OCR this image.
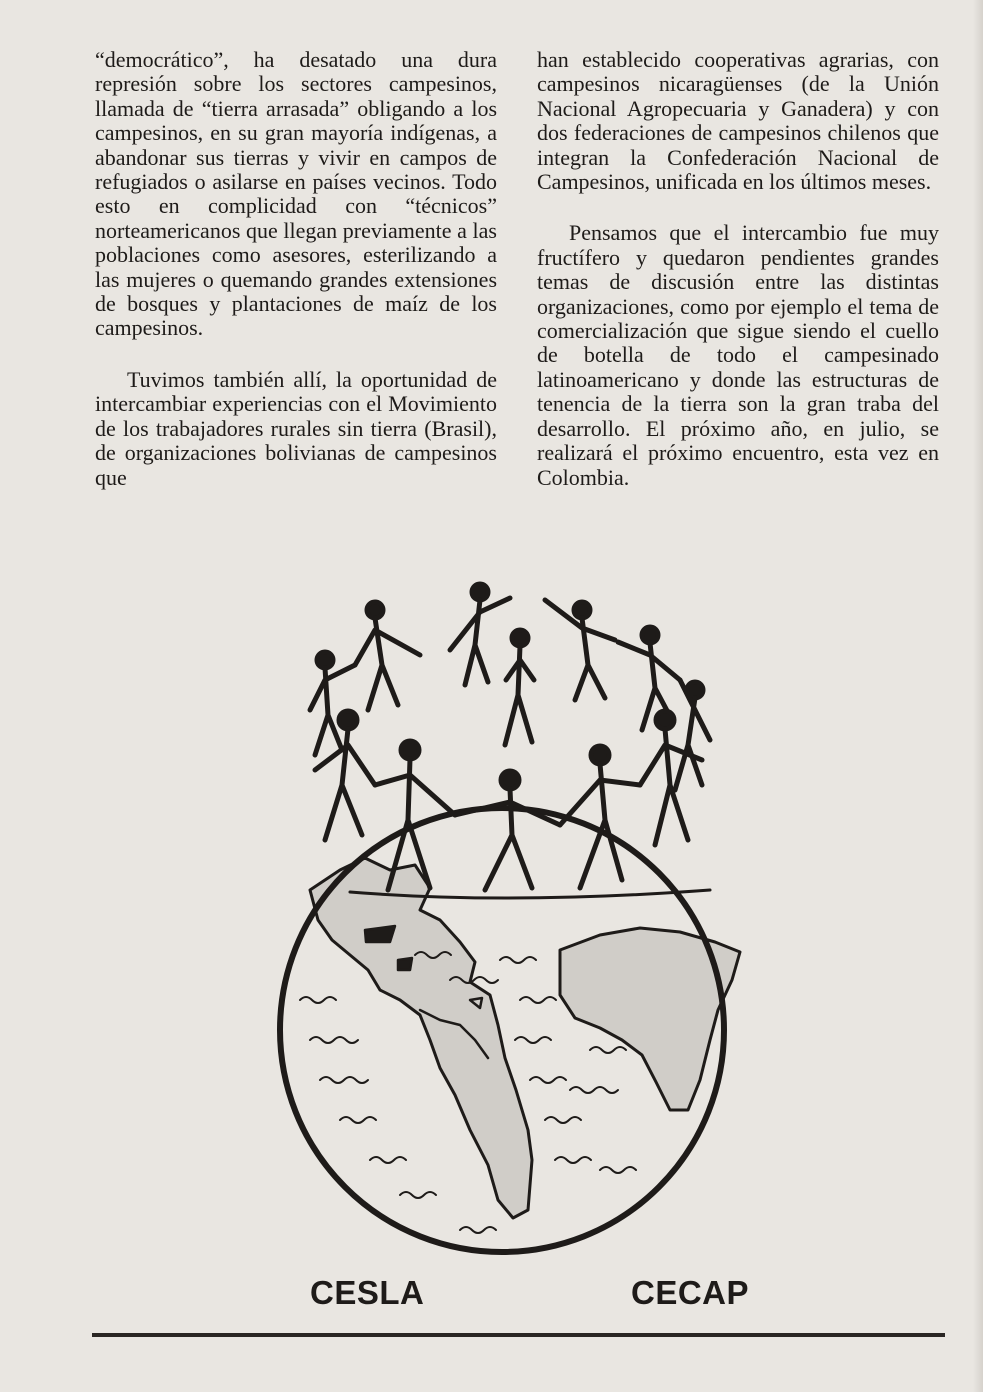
“democrático”, ha desatado una dura represión sobre los sectores campesinos, llamada de “tierra arrasada” obligando a los campesinos, en su gran mayoría indígenas, a abandonar sus tierras y vivir en campos de refugiados o asilarse en países vecinos. Todo esto en complicidad con “técnicos” norteamericanos que llegan previamente a las poblaciones como asesores, esterilizando a las mujeres o quemando grandes extensiones de bosques y plantaciones de maíz de los campesinos.

Tuvimos también allí, la oportunidad de intercambiar experiencias con el Movimiento de los trabajadores rurales sin tierra (Brasil), de organizaciones bolivianas de campesinos que

han establecido cooperativas agrarias, con campesinos nicaragüenses (de la Unión Nacional Agropecuaria y Ganadera) y con dos federaciones de campesinos chilenos que integran la Confederación Nacional de Campesinos, unificada en los últimos meses.

Pensamos que el intercambio fue muy fructífero y quedaron pendientes grandes temas de discusión entre las distintas organizaciones, como por ejemplo el tema de comercialización que sigue siendo el cuello de botella de todo el campesinado latinoamericano y donde las estructuras de tenencia de la tierra son la gran traba del desarrollo. El próximo año, en julio, se realizará el próximo encuentro, esta vez en Colombia.

CESLA	CECAP
